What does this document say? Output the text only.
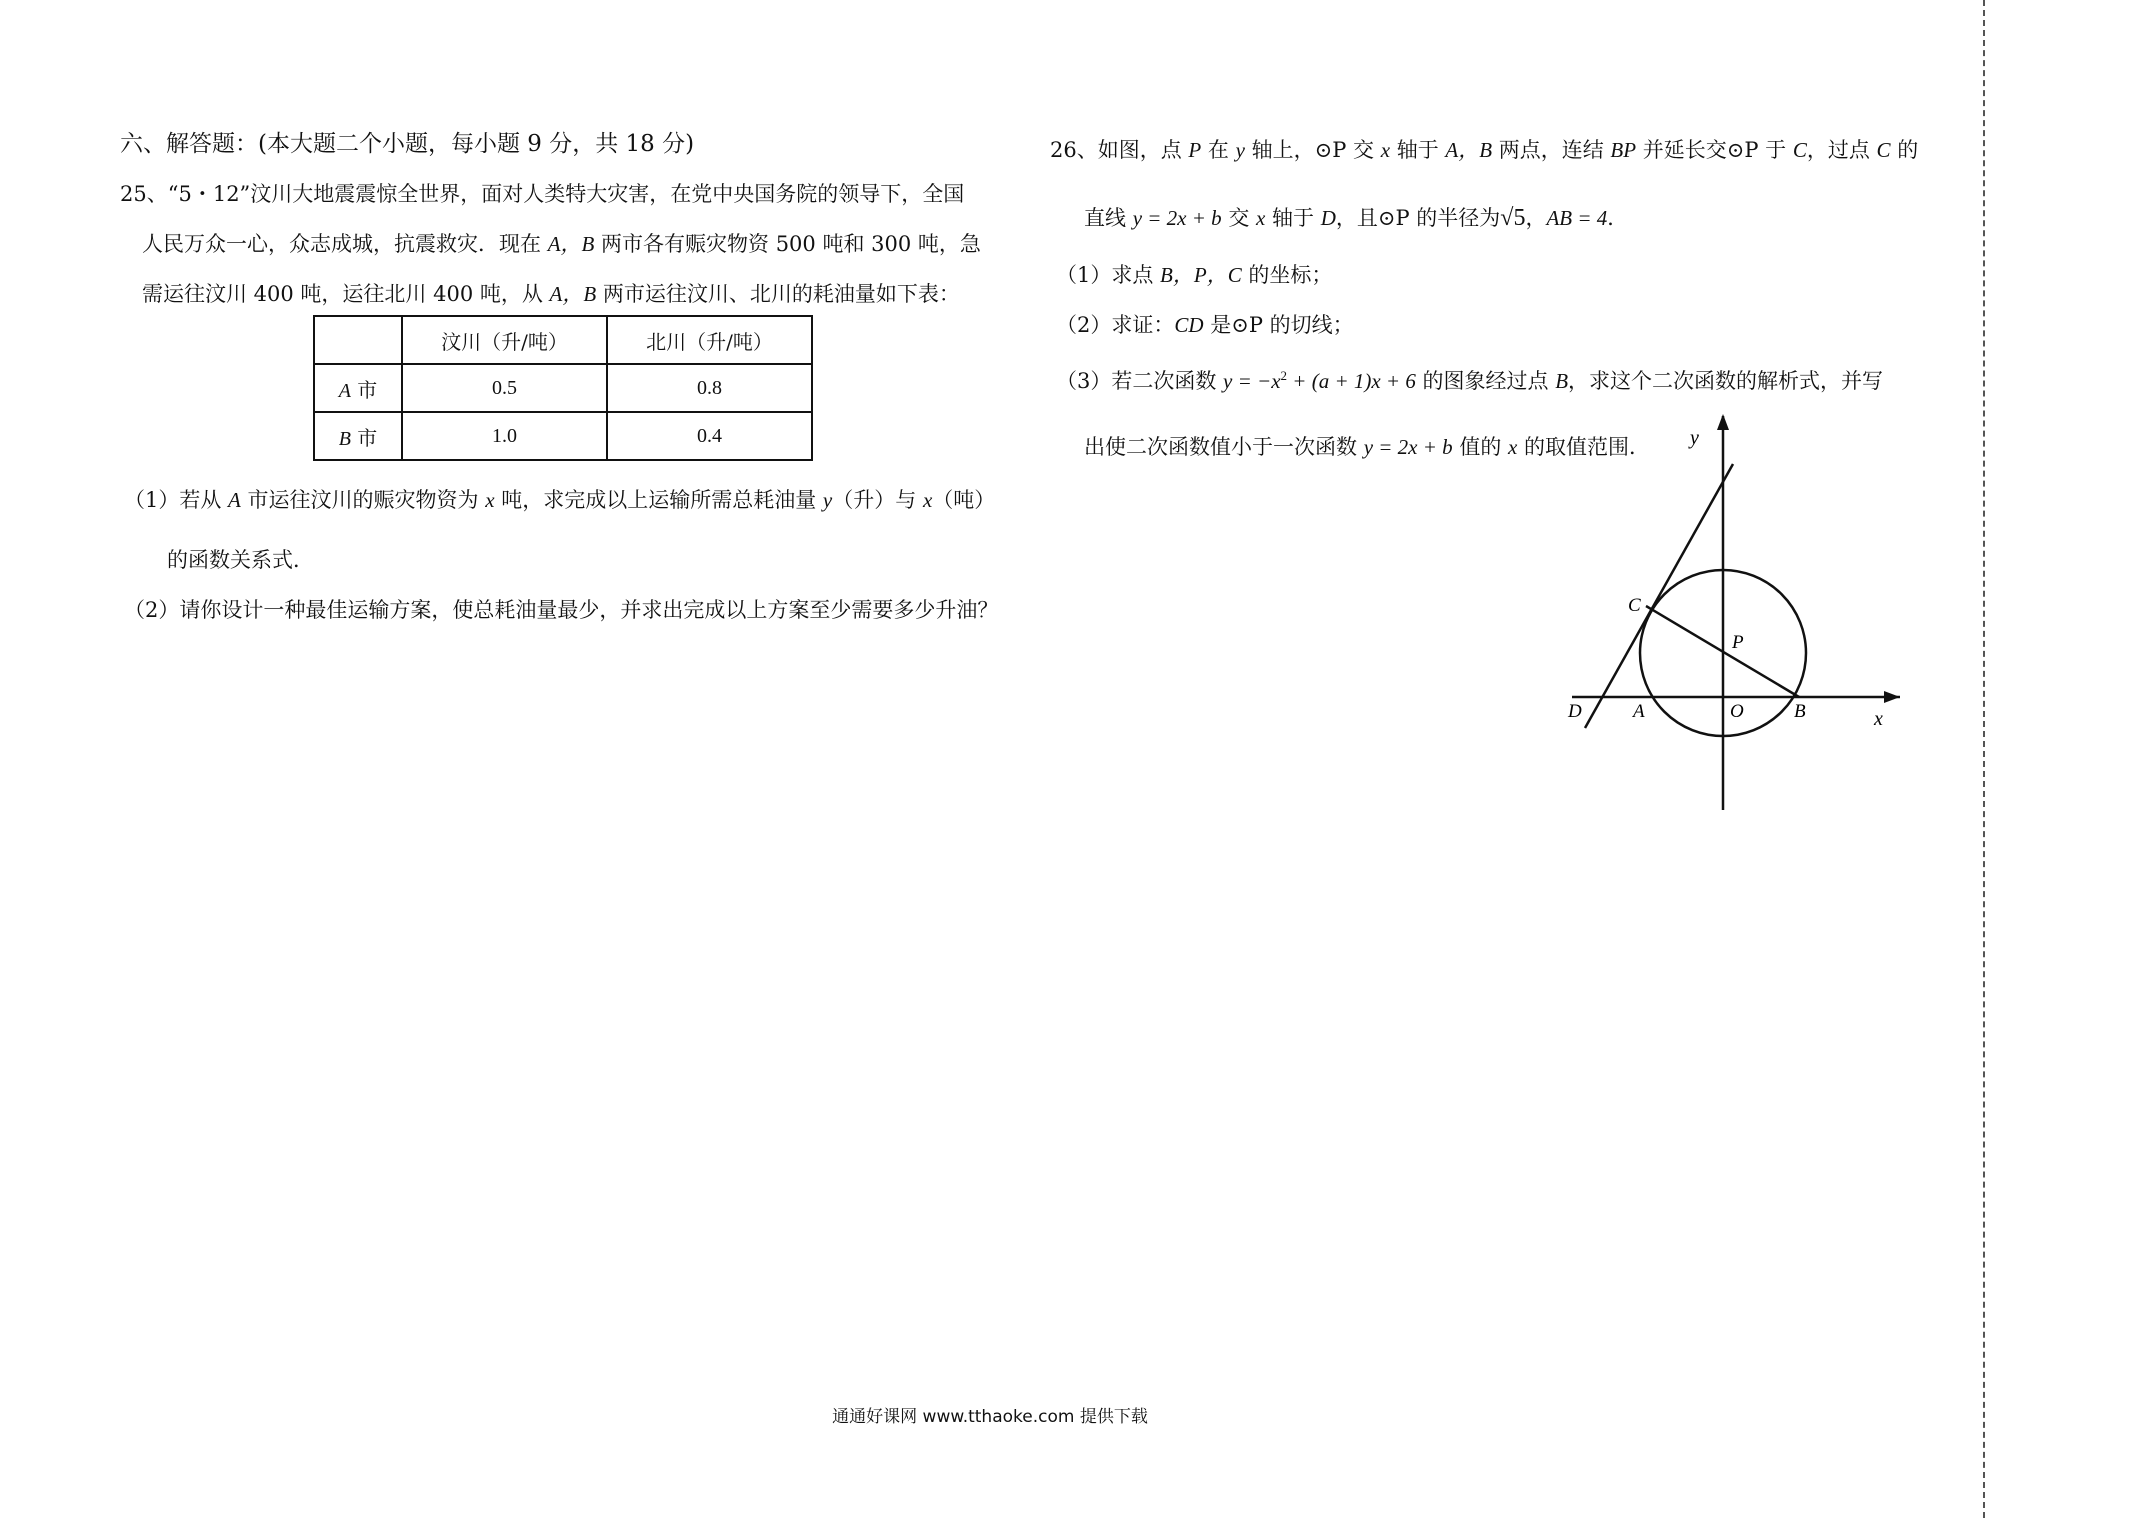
六、解答题：(本大题二个小题，每小题 9 分，共 18 分)
25、“5・12”汶川大地震震惊全世界，面对人类特大灾害，在党中央国务院的领导下，全国
人民万众一心，众志成城，抗震救灾．现在 A，B 两市各有赈灾物资 500 吨和 300 吨，急
需运往汶川 400 吨，运往北川 400 吨，从 A，B 两市运往汶川、北川的耗油量如下表：
	汶川（升/吨）	北川（升/吨）
A 市	0.5	0.8
B 市	1.0	0.4
（1）若从 A 市运往汶川的赈灾物资为 x 吨，求完成以上运输所需总耗油量 y（升）与 x（吨）
的函数关系式．
（2）请你设计一种最佳运输方案，使总耗油量最少，并求出完成以上方案至少需要多少升油？
26、如图，点 P 在 y 轴上，⊙P 交 x 轴于 A，B 两点，连结 BP 并延长交⊙P 于 C，过点 C 的
直线 y = 2x + b 交 x 轴于 D，且⊙P 的半径为√5，AB = 4．
（1）求点 B，P，C 的坐标；
（2）求证：CD 是⊙P 的切线；
（3）若二次函数 $y = -x^2 + (a + 1)x + 6$ 的图象经过点 B，求这个二次函数的解析式，并写
出使二次函数值小于一次函数 y = 2x + b 值的 x 的取值范围． y
x
C
P
D	A	O	B
通通好课网 www.tthaoke.com 提供下载
